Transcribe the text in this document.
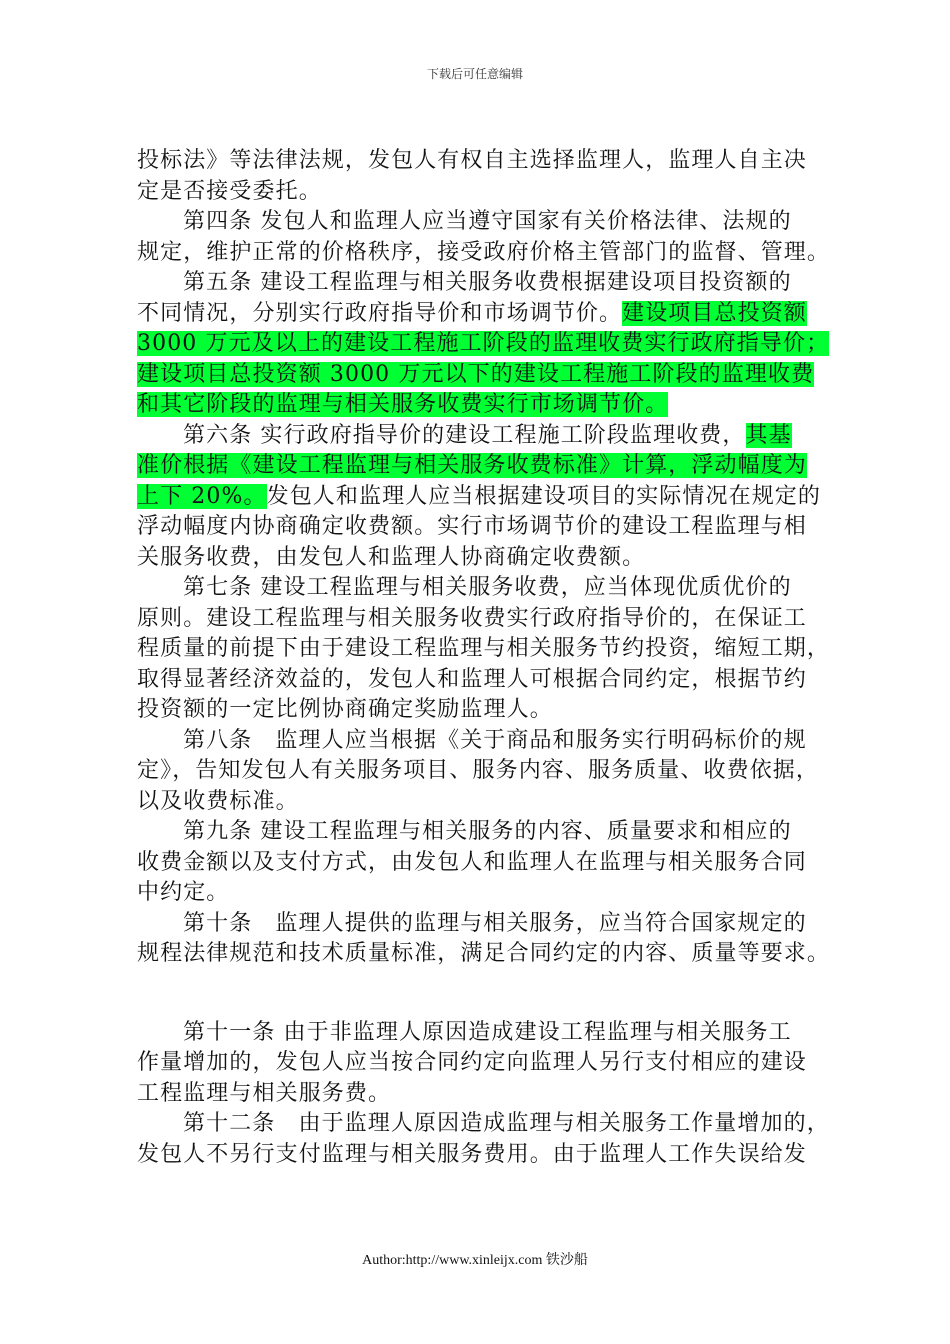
下载后可任意编辑
投标法》等法律法规，发包人有权自主选择监理人，监理人自主决
定是否接受委托。
第四条 发包人和监理人应当遵守国家有关价格法律、法规的
规定，维护正常的价格秩序，接受政府价格主管部门的监督、管理。
第五条 建设工程监理与相关服务收费根据建设项目投资额的
不同情况，分别实行政府指导价和市场调节价。建设项目总投资额
3000 万元及以上的建设工程施工阶段的监理收费实行政府指导价；
建设项目总投资额 3000 万元以下的建设工程施工阶段的监理收费
和其它阶段的监理与相关服务收费实行市场调节价。
第六条 实行政府指导价的建设工程施工阶段监理收费，其基
准价根据《建设工程监理与相关服务收费标准》计算，浮动幅度为
上下 20%。发包人和监理人应当根据建设项目的实际情况在规定的
浮动幅度内协商确定收费额。实行市场调节价的建设工程监理与相
关服务收费，由发包人和监理人协商确定收费额。
第七条 建设工程监理与相关服务收费，应当体现优质优价的
原则。建设工程监理与相关服务收费实行政府指导价的，在保证工
程质量的前提下由于建设工程监理与相关服务节约投资，缩短工期，
取得显著经济效益的，发包人和监理人可根据合同约定，根据节约
投资额的一定比例协商确定奖励监理人。
第八条　监理人应当根据《关于商品和服务实行明码标价的规
定》，告知发包人有关服务项目、服务内容、服务质量、收费依据，
以及收费标准。
第九条 建设工程监理与相关服务的内容、质量要求和相应的
收费金额以及支付方式，由发包人和监理人在监理与相关服务合同
中约定。
第十条　监理人提供的监理与相关服务，应当符合国家规定的
规程法律规范和技术质量标准，满足合同约定的内容、质量等要求。
第十一条 由于非监理人原因造成建设工程监理与相关服务工
作量增加的，发包人应当按合同约定向监理人另行支付相应的建设
工程监理与相关服务费。
第十二条　由于监理人原因造成监理与相关服务工作量增加的，
发包人不另行支付监理与相关服务费用。由于监理人工作失误给发
Author:http://www.xinleijx.com 铁沙船
